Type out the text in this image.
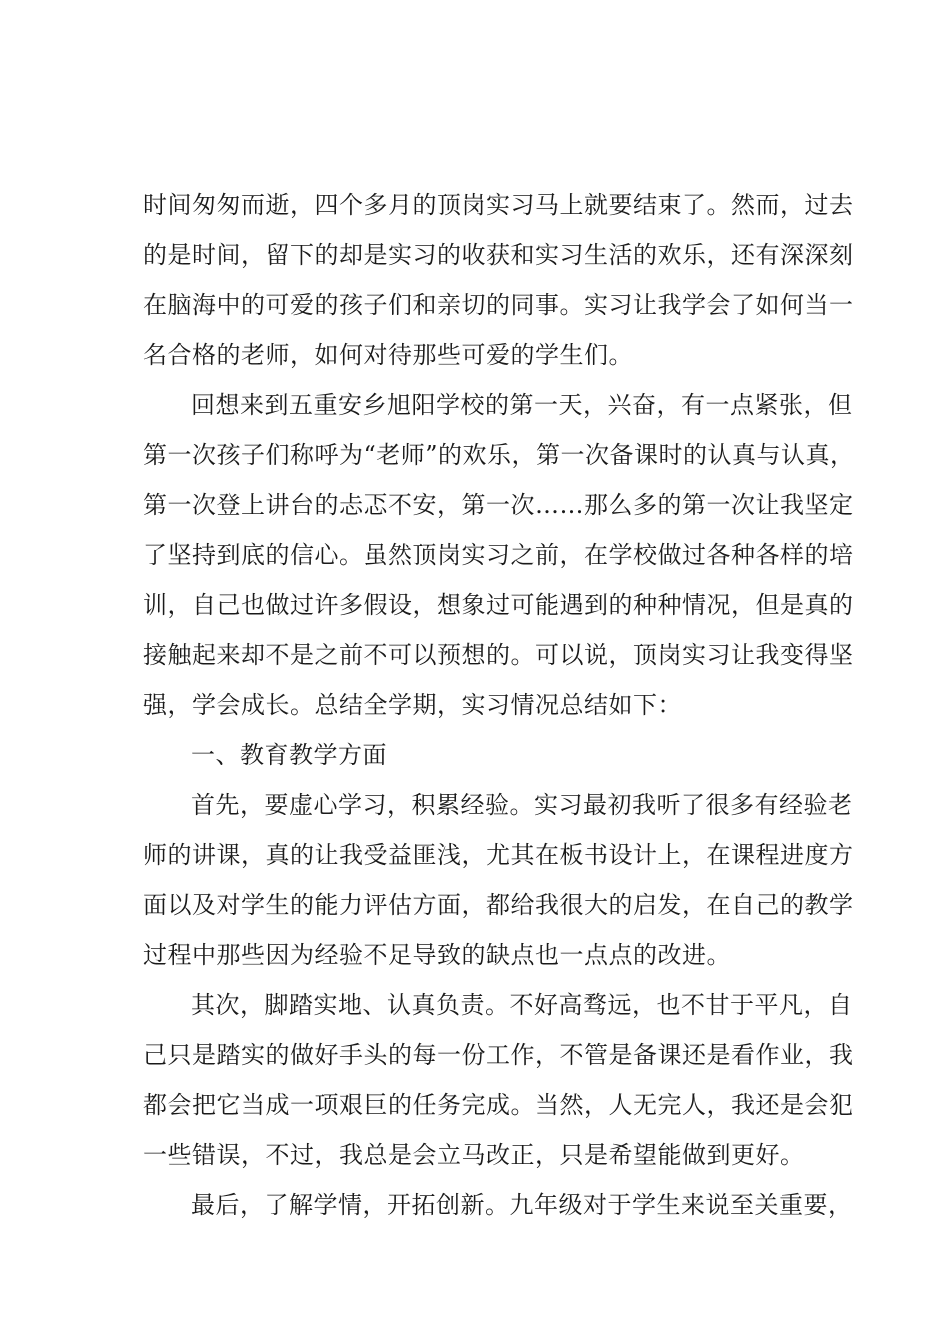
时间匆匆而逝，四个多月的顶岗实习马上就要结束了。然而，过去
的是时间，留下的却是实习的收获和实习生活的欢乐，还有深深刻
在脑海中的可爱的孩子们和亲切的同事。实习让我学会了如何当一
名合格的老师，如何对待那些可爱的学生们。
回想来到五重安乡旭阳学校的第一天，兴奋，有一点紧张，但
第一次孩子们称呼为“老师”的欢乐，第一次备课时的认真与认真，
第一次登上讲台的忐忑不安，第一次……那么多的第一次让我坚定
了坚持到底的信心。虽然顶岗实习之前，在学校做过各种各样的培
训，自己也做过许多假设，想象过可能遇到的种种情况，但是真的
接触起来却不是之前不可以预想的。可以说，顶岗实习让我变得坚
强，学会成长。总结全学期，实习情况总结如下：
一、教育教学方面
首先，要虚心学习，积累经验。实习最初我听了很多有经验老
师的讲课，真的让我受益匪浅，尤其在板书设计上，在课程进度方
面以及对学生的能力评估方面，都给我很大的启发，在自己的教学
过程中那些因为经验不足导致的缺点也一点点的改进。
其次，脚踏实地、认真负责。不好高骛远，也不甘于平凡，自
己只是踏实的做好手头的每一份工作，不管是备课还是看作业，我
都会把它当成一项艰巨的任务完成。当然，人无完人，我还是会犯
一些错误，不过，我总是会立马改正，只是希望能做到更好。
最后，了解学情，开拓创新。九年级对于学生来说至关重要，
